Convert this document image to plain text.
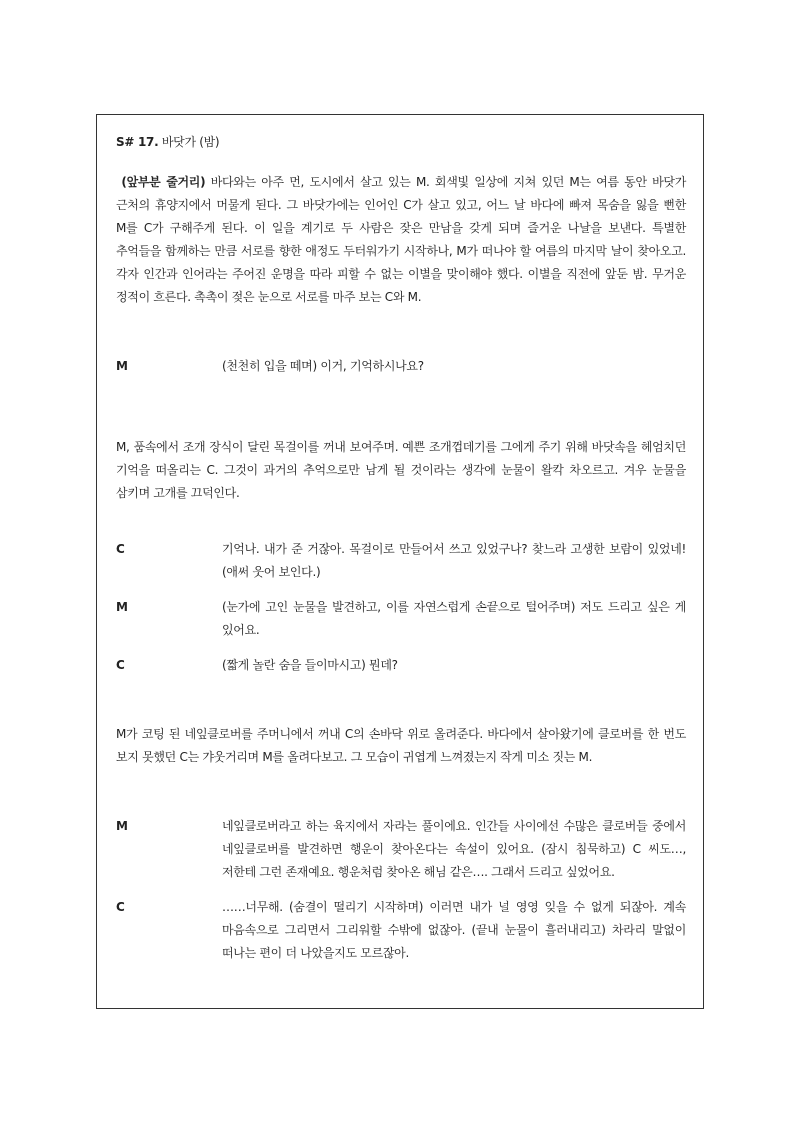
S# 17. 바닷가 (밤)

(앞부분 줄거리) 바다와는 아주 먼, 도시에서 살고 있는 M. 회색빛 일상에 지쳐 있던 M는 여름 동안 바닷가 근처의 휴양지에서 머물게 된다. 그 바닷가에는 인어인 C가 살고 있고, 어느 날 바다에 빠져 목숨을 잃을 뻔한 M를 C가 구해주게 된다. 이 일을 계기로 두 사람은 잦은 만남을 갖게 되며 즐거운 나날을 보낸다. 특별한 추억들을 함께하는 만큼 서로를 향한 애정도 두터워가기 시작하나, M가 떠나야 할 여름의 마지막 날이 찾아오고. 각자 인간과 인어라는 주어진 운명을 따라 피할 수 없는 이별을 맞이해야 했다. 이별을 직전에 앞둔 밤. 무거운 정적이 흐른다. 촉촉이 젖은 눈으로 서로를 마주 보는 C와 M.

M	(천천히 입을 떼며) 이거, 기억하시나요?

M, 품속에서 조개 장식이 달린 목걸이를 꺼내 보여주며. 예쁜 조개껍데기를 그에게 주기 위해 바닷속을 헤엄치던 기억을 떠올리는 C. 그것이 과거의 추억으로만 남게 될 것이라는 생각에 눈물이 왈칵 차오르고. 겨우 눈물을 삼키며 고개를 끄덕인다.

C	기억나. 내가 준 거잖아. 목걸이로 만들어서 쓰고 있었구나? 찾느라 고생한 보람이 있었네! (애써 웃어 보인다.)
M	(눈가에 고인 눈물을 발견하고, 이를 자연스럽게 손끝으로 털어주며) 저도 드리고 싶은 게 있어요.
C	(짧게 놀란 숨을 들이마시고) 뭔데?

M가 코팅 된 네잎클로버를 주머니에서 꺼내 C의 손바닥 위로 올려준다. 바다에서 살아왔기에 클로버를 한 번도 보지 못했던 C는 갸웃거리며 M를 올려다보고. 그 모습이 귀엽게 느껴졌는지 작게 미소 짓는 M.

M	네잎클로버라고 하는 육지에서 자라는 풀이에요. 인간들 사이에선 수많은 클로버들 중에서 네잎클로버를 발견하면 행운이 찾아온다는 속설이 있어요. (잠시 침묵하고) C 씨도…, 저한테 그런 존재예요. 행운처럼 찾아온 해님 같은…. 그래서 드리고 싶었어요.
C	……너무해. (숨결이 떨리기 시작하며) 이러면 내가 널 영영 잊을 수 없게 되잖아. 계속 마음속으로 그리면서 그리워할 수밖에 없잖아. (끝내 눈물이 흘러내리고) 차라리 말없이 떠나는 편이 더 나았을지도 모르잖아.
